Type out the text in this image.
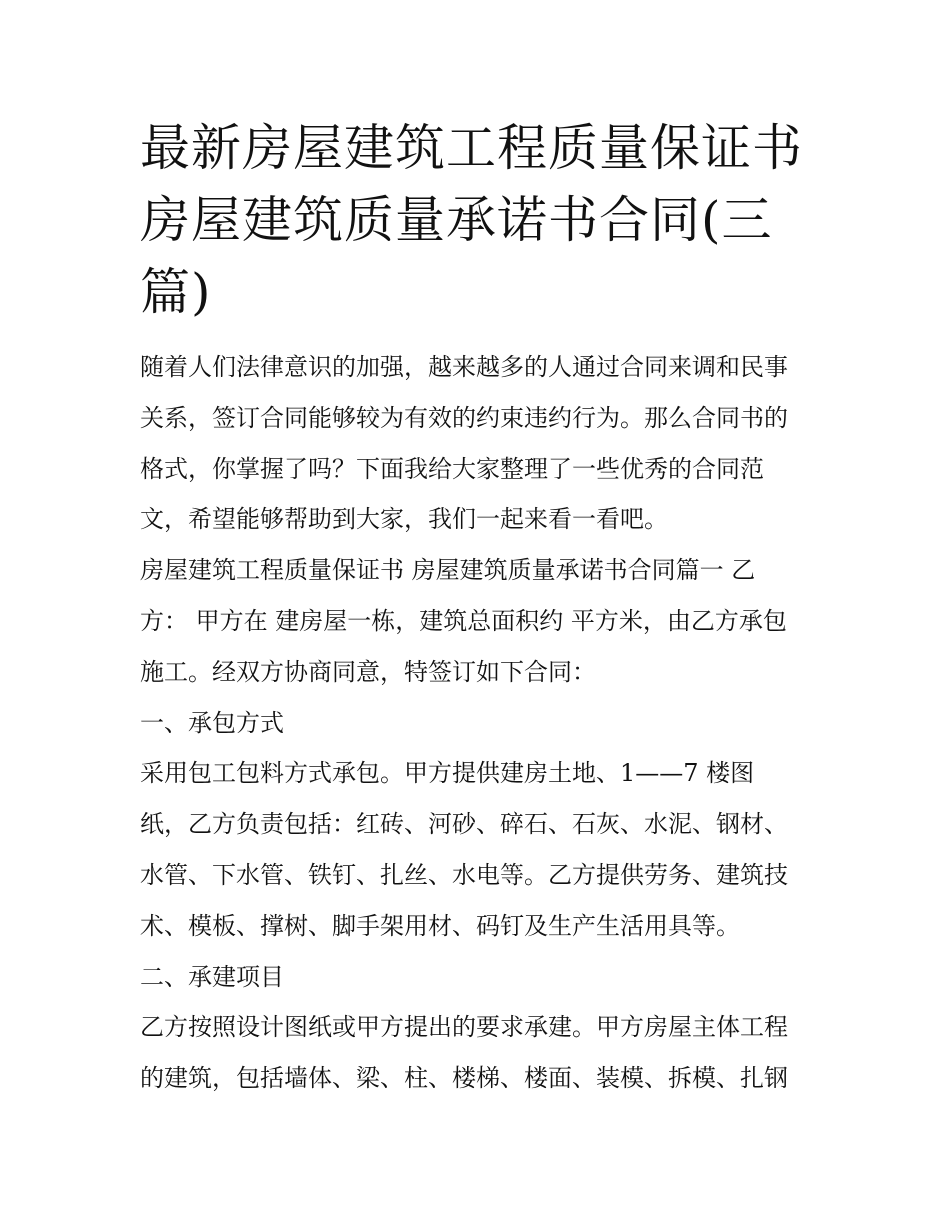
最新房屋建筑工程质量保证书
房屋建筑质量承诺书合同(三
篇)

随着人们法律意识的加强，越来越多的人通过合同来调和民事
关系，签订合同能够较为有效的约束违约行为。那么合同书的
格式，你掌握了吗？下面我给大家整理了一些优秀的合同范
文，希望能够帮助到大家，我们一起来看一看吧。

房屋建筑工程质量保证书 房屋建筑质量承诺书合同篇一 乙
方： 甲方在 建房屋一栋，建筑总面积约 平方米，由乙方承包
施工。经双方协商同意，特签订如下合同：

一、承包方式

采用包工包料方式承包。甲方提供建房土地、1——7 楼图
纸，乙方负责包括：红砖、河砂、碎石、石灰、水泥、钢材、
水管、下水管、铁钉、扎丝、水电等。乙方提供劳务、建筑技
术、模板、撑树、脚手架用材、码钉及生产生活用具等。

二、承建项目

乙方按照设计图纸或甲方提出的要求承建。甲方房屋主体工程
的建筑，包括墙体、梁、柱、楼梯、楼面、装模、拆模、扎钢
